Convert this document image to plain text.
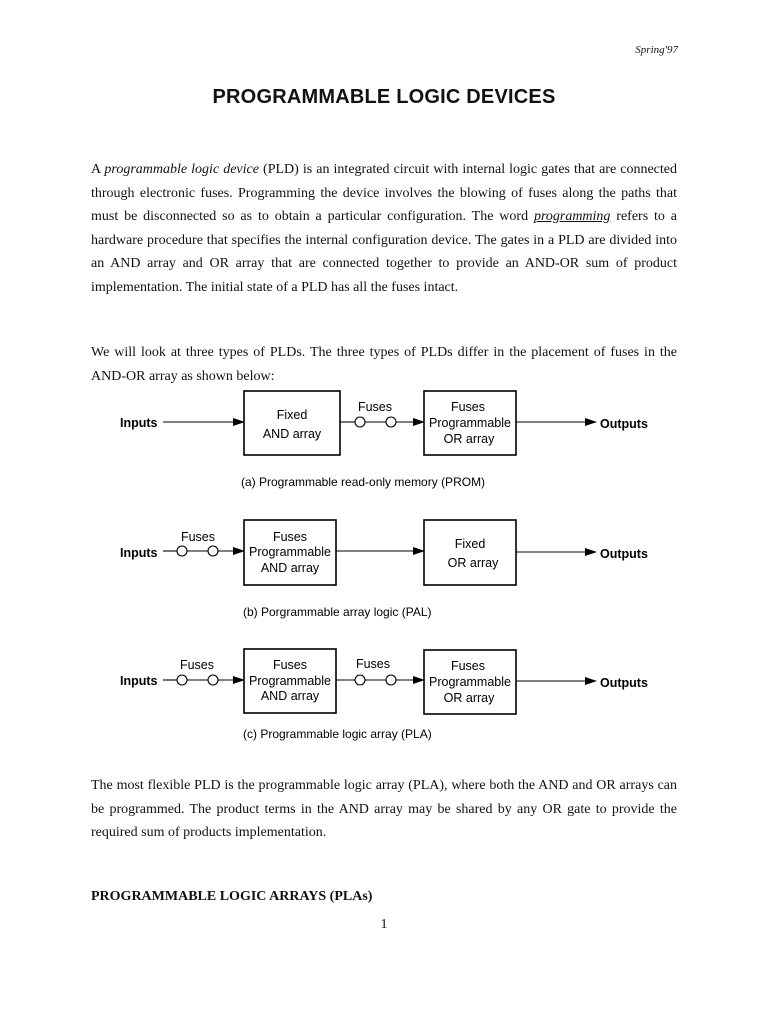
Spring'97
PROGRAMMABLE LOGIC DEVICES

A programmable logic device (PLD) is an integrated circuit with internal logic gates that are connected through electronic fuses. Programming the device involves the blowing of fuses along the paths that must be disconnected so as to obtain a particular configuration. The word programming refers to a hardware procedure that specifies the internal configuration device. The gates in a PLD are divided into an AND array and OR array that are connected together to provide an AND-OR sum of product implementation. The initial state of a PLD has all the fuses intact.

We will look at three types of PLDs. The three types of PLDs differ in the placement of fuses in the AND-OR array as shown below:

Inputs
Fixed
AND array
Fuses	Fuses
Programmable
OR array
Outputs
(a) Programmable read-only memory (PROM)
Inputs
Fuses	Fuses
Programmable
AND array
Fixed
OR array
Outputs
(b) Porgrammable array logic (PAL)
Inputs
Fuses	Fuses
Programmable
AND array
Fuses	Fuses
Programmable
OR array
Outputs
(c) Programmable logic array (PLA)

The most flexible PLD is the programmable logic array (PLA), where both the AND and OR arrays can be programmed. The product terms in the AND array may be shared by any OR gate to provide the required sum of products implementation.

PROGRAMMABLE LOGIC ARRAYS (PLAs)
1
